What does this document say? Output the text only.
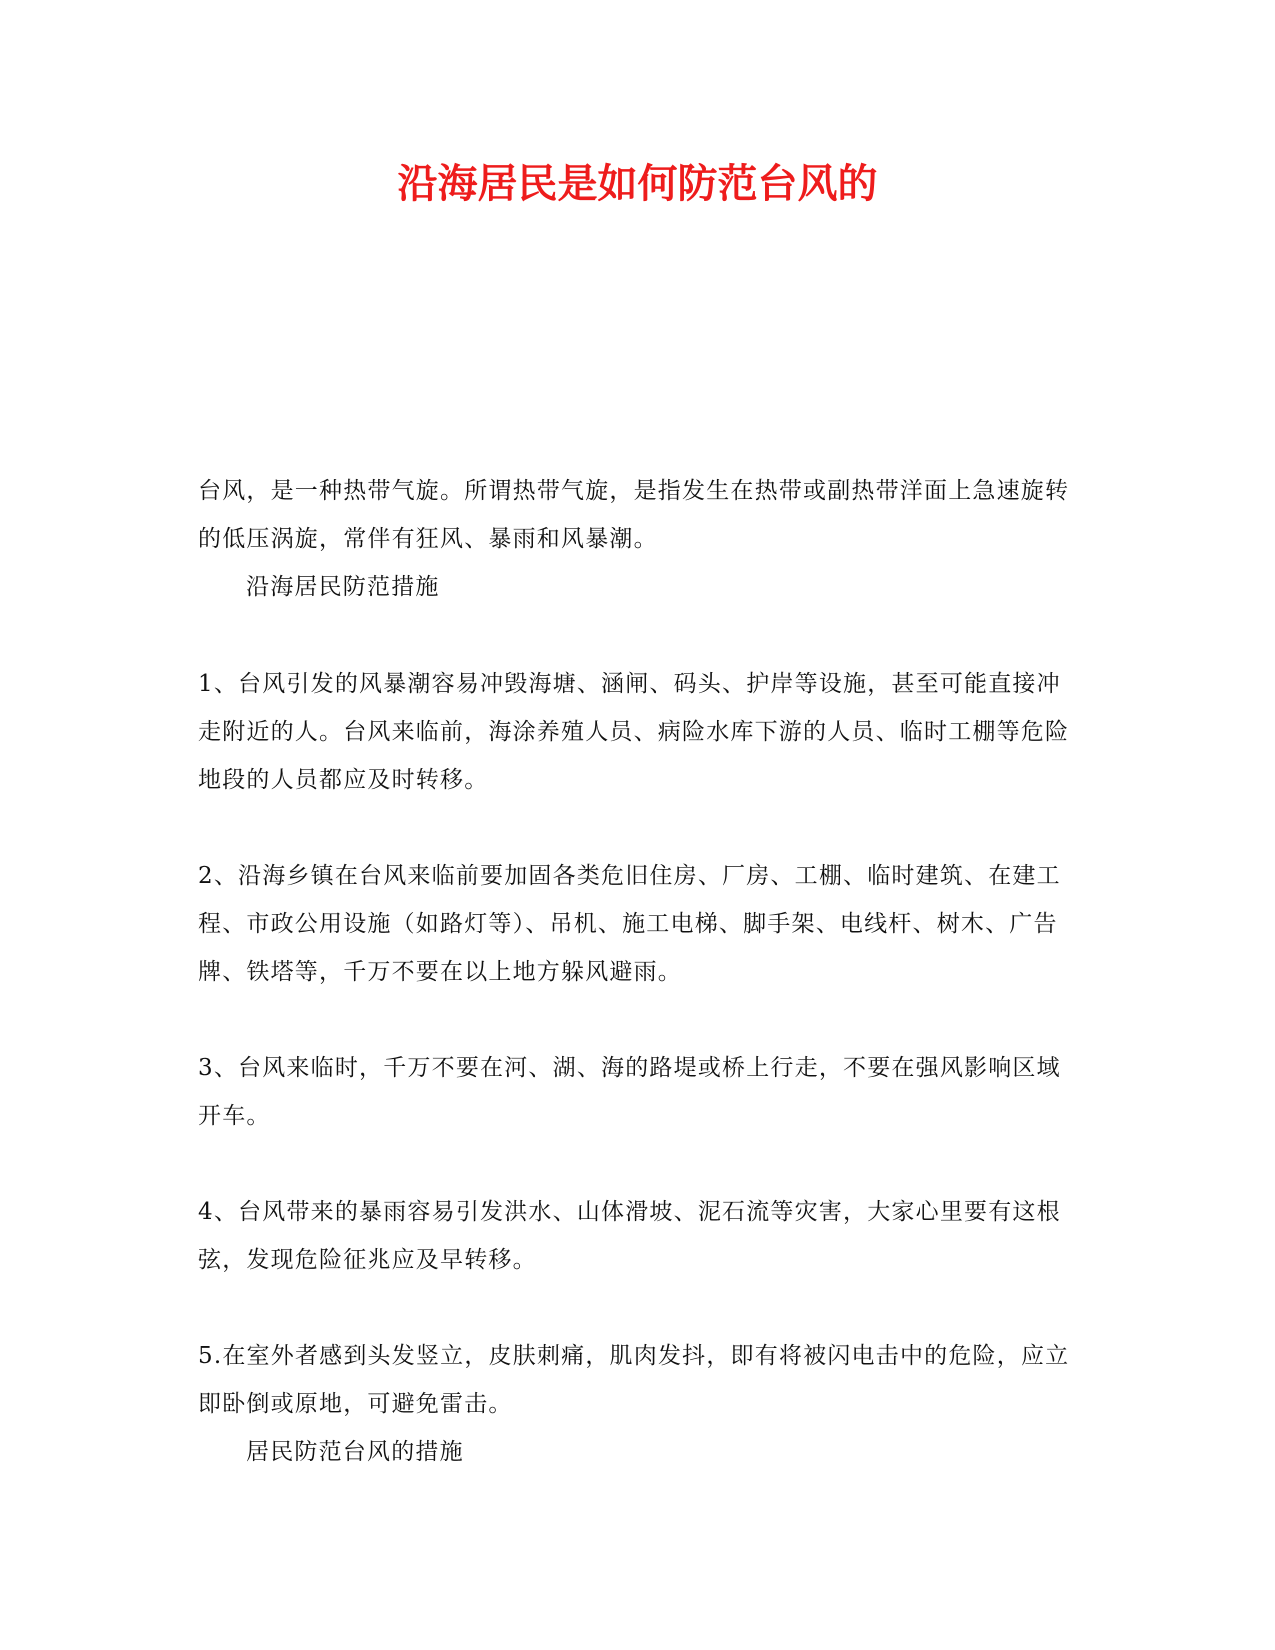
沿海居民是如何防范台风的

台风，是一种热带气旋。所谓热带气旋，是指发生在热带或副热带洋面上急速旋转的低压涡旋，常伴有狂风、暴雨和风暴潮。

沿海居民防范措施

1、台风引发的风暴潮容易冲毁海塘、涵闸、码头、护岸等设施，甚至可能直接冲走附近的人。台风来临前，海涂养殖人员、病险水库下游的人员、临时工棚等危险地段的人员都应及时转移。

2、沿海乡镇在台风来临前要加固各类危旧住房、厂房、工棚、临时建筑、在建工程、市政公用设施（如路灯等）、吊机、施工电梯、脚手架、电线杆、树木、广告牌、铁塔等，千万不要在以上地方躲风避雨。

3、台风来临时，千万不要在河、湖、海的路堤或桥上行走，不要在强风影响区域开车。

4、台风带来的暴雨容易引发洪水、山体滑坡、泥石流等灾害，大家心里要有这根弦，发现危险征兆应及早转移。

5.在室外者感到头发竖立，皮肤刺痛，肌肉发抖，即有将被闪电击中的危险，应立即卧倒或原地，可避免雷击。

居民防范台风的措施
